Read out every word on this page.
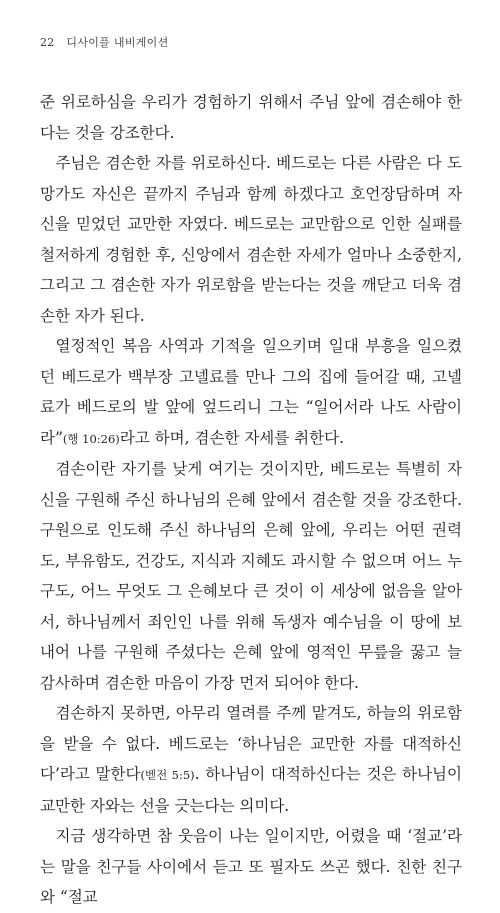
22 디사이플 내비게이션

준 위로하심을 우리가 경험하기 위해서 주님 앞에 겸손해야 한다는 것을 강조한다.

주님은 겸손한 자를 위로하신다. 베드로는 다른 사람은 다 도망가도 자신은 끝까지 주님과 함께 하겠다고 호언장담하며 자신을 믿었던 교만한 자였다. 베드로는 교만함으로 인한 실패를 철저하게 경험한 후, 신앙에서 겸손한 자세가 얼마나 소중한지, 그리고 그 겸손한 자가 위로함을 받는다는 것을 깨닫고 더욱 겸손한 자가 된다.

열정적인 복음 사역과 기적을 일으키며 일대 부흥을 일으켰던 베드로가 백부장 고넬료를 만나 그의 집에 들어갈 때, 고넬료가 베드로의 발 앞에 엎드리니 그는 “일어서라 나도 사람이라”(행 10:26)라고 하며, 겸손한 자세를 취한다.

겸손이란 자기를 낮게 여기는 것이지만, 베드로는 특별히 자신을 구원해 주신 하나님의 은혜 앞에서 겸손할 것을 강조한다. 구원으로 인도해 주신 하나님의 은혜 앞에, 우리는 어떤 권력도, 부유함도, 건강도, 지식과 지혜도 과시할 수 없으며 어느 누구도, 어느 무엇도 그 은혜보다 큰 것이 이 세상에 없음을 알아서, 하나님께서 죄인인 나를 위해 독생자 예수님을 이 땅에 보내어 나를 구원해 주셨다는 은혜 앞에 영적인 무릎을 꿇고 늘 감사하며 겸손한 마음이 가장 먼저 되어야 한다.

겸손하지 못하면, 아무리 열려를 주께 맡겨도, 하늘의 위로함을 받을 수 없다. 베드로는 ‘하나님은 교만한 자를 대적하신다’라고 말한다(벧전 5:5). 하나님이 대적하신다는 것은 하나님이 교만한 자와는 선을 긋는다는 의미다.

지금 생각하면 참 웃음이 나는 일이지만, 어렸을 때 ‘절교’라는 말을 친구들 사이에서 듣고 또 필자도 쓰곤 했다. 친한 친구와 “절교
